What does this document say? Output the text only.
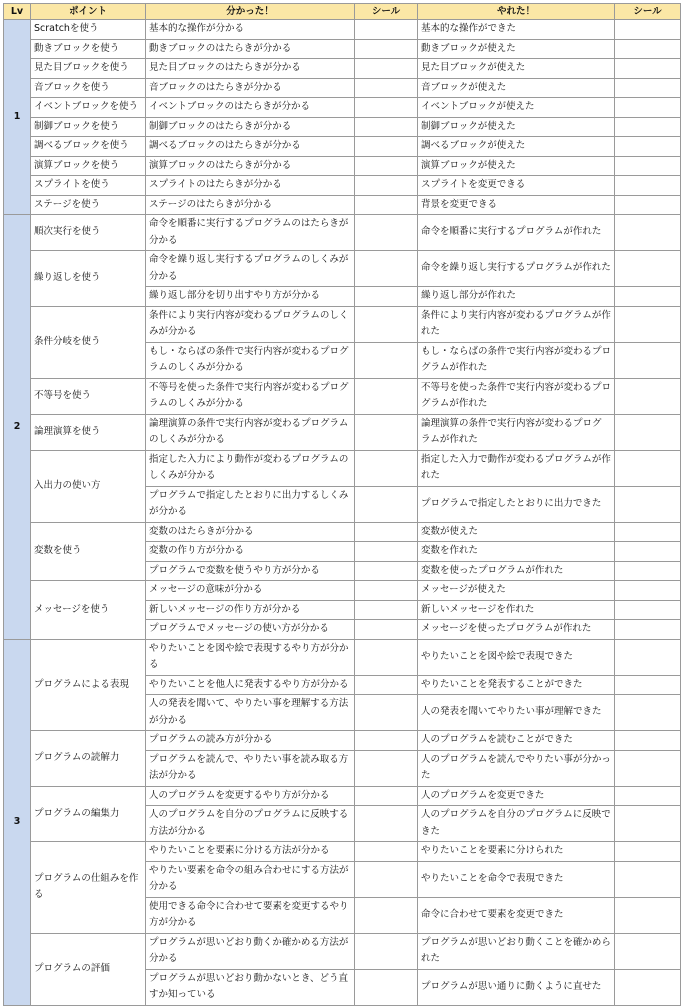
Lv	ポイント	分かった！	シール	やれた！	シール
1	Scratchを使う	基本的な操作が分かる		基本的な操作ができた	
	動きブロックを使う	動きブロックのはたらきが分かる		動きブロックが使えた	
	見た目ブロックを使う	見た目ブロックのはたらきが分かる		見た目ブロックが使えた	
	音ブロックを使う	音ブロックのはたらきが分かる		音ブロックが使えた	
	イベントブロックを使う	イベントブロックのはたらきが分かる		イベントブロックが使えた	
	制御ブロックを使う	制御ブロックのはたらきが分かる		制御ブロックが使えた	
	調べるブロックを使う	調べるブロックのはたらきが分かる		調べるブロックが使えた	
	演算ブロックを使う	演算ブロックのはたらきが分かる		演算ブロックが使えた	
	スプライトを使う	スプライトのはたらきが分かる		スプライトを変更できる	
	ステージを使う	ステージのはたらきが分かる		背景を変更できる	
2	順次実行を使う	命令を順番に実行するプログラムのはたらきが分かる		命令を順番に実行するプログラムが作れた	
	繰り返しを使う	命令を繰り返し実行するプログラムのしくみが分かる		命令を繰り返し実行するプログラムが作れた	
		繰り返し部分を切り出すやり方が分かる		繰り返し部分が作れた	
	条件分岐を使う	条件により実行内容が変わるプログラムのしくみが分かる		条件により実行内容が変わるプログラムが作れた	
		もし・ならばの条件で実行内容が変わるプログラムのしくみが分かる		もし・ならばの条件で実行内容が変わるプログラムが作れた	
	不等号を使う	不等号を使った条件で実行内容が変わるプログラムのしくみが分かる		不等号を使った条件で実行内容が変わるプログラムが作れた	
	論理演算を使う	論理演算の条件で実行内容が変わるプログラムのしくみが分かる		論理演算の条件で実行内容が変わるプログラムが作れた	
	入出力の使い方	指定した入力により動作が変わるプログラムのしくみが分かる		指定した入力で動作が変わるプログラムが作れた	
		プログラムで指定したとおりに出力するしくみが分かる		プログラムで指定したとおりに出力できた	
	変数を使う	変数のはたらきが分かる		変数が使えた	
		変数の作り方が分かる		変数を作れた	
		プログラムで変数を使うやり方が分かる		変数を使ったプログラムが作れた	
	メッセージを使う	メッセージの意味が分かる		メッセージが使えた	
		新しいメッセージの作り方が分かる		新しいメッセージを作れた	
		プログラムでメッセージの使い方が分かる		メッセージを使ったプログラムが作れた	
3	プログラムによる表現	やりたいことを図や絵で表現するやり方が分かる		やりたいことを図や絵で表現できた	
		やりたいことを他人に発表するやり方が分かる		やりたいことを発表することができた	
		人の発表を聞いて、やりたい事を理解する方法が分かる		人の発表を聞いてやりたい事が理解できた	
	プログラムの読解力	プログラムの読み方が分かる		人のプログラムを読むことができた	
		プログラムを読んで、やりたい事を読み取る方法が分かる		人のプログラムを読んでやりたい事が分かった	
	プログラムの編集力	人のプログラムを変更するやり方が分かる		人のプログラムを変更できた	
		人のプログラムを自分のプログラムに反映する方法が分かる		人のプログラムを自分のプログラムに反映できた	
	プログラムの仕組みを作る	やりたいことを要素に分ける方法が分かる		やりたいことを要素に分けられた	
		やりたい要素を命令の組み合わせにする方法が分かる		やりたいことを命令で表現できた	
		使用できる命令に合わせて要素を変更するやり方が分かる		命令に合わせて要素を変更できた	
	プログラムの評価	プログラムが思いどおり動くか確かめる方法が分かる		プログラムが思いどおり動くことを確かめられた	
		プログラムが思いどおり動かないとき、どう直すか知っている		プログラムが思い通りに動くように直せた	
